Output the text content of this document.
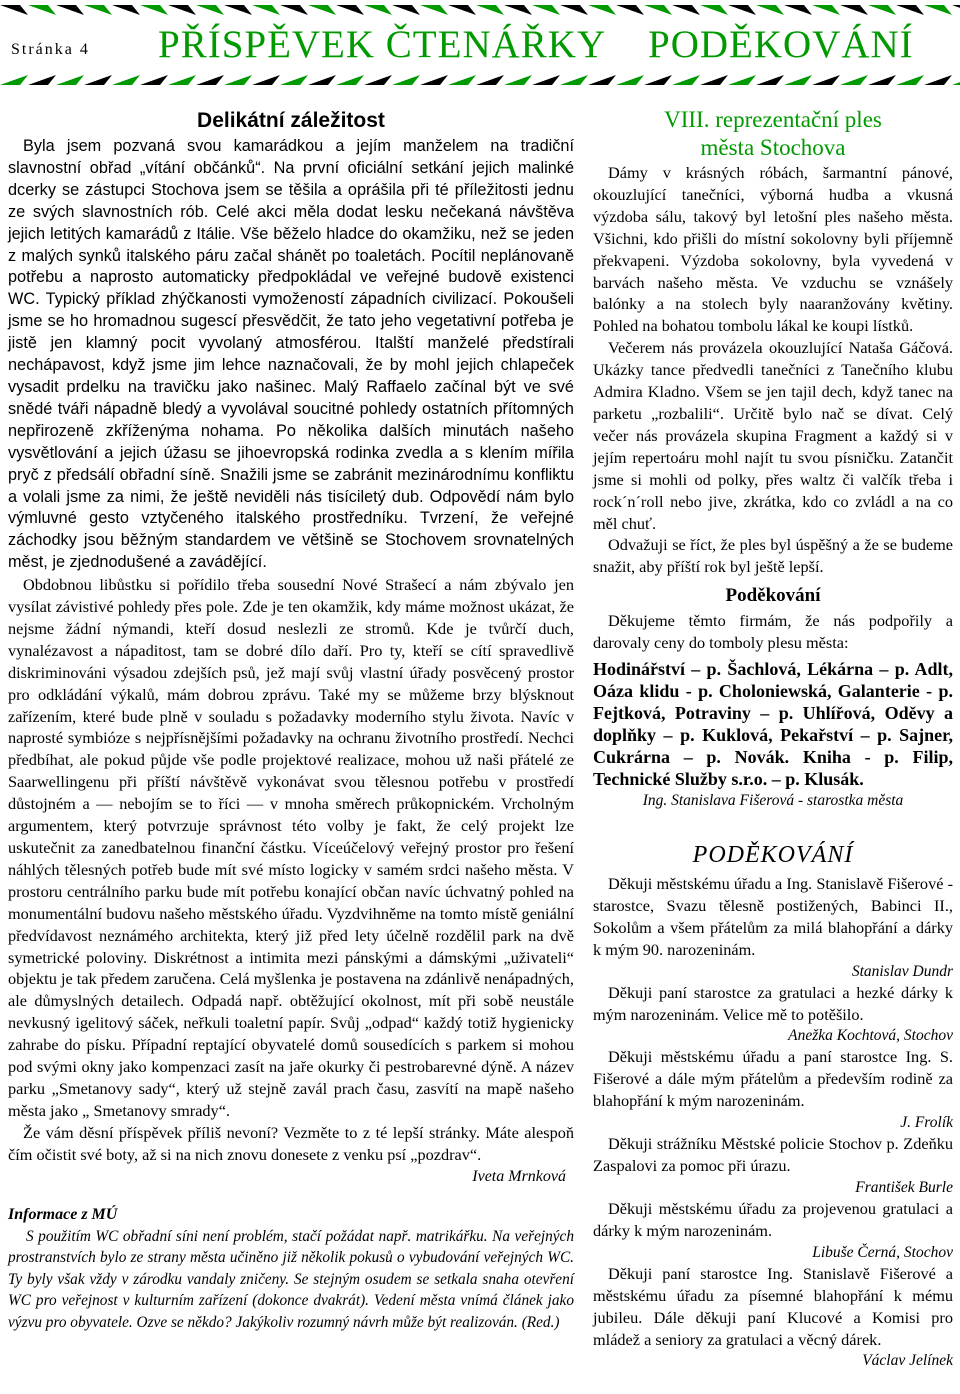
Stránka 4 PŘÍSPĚVEK ČTENÁŘKY PODĚKOVÁNÍ
Delikátní záležitost

Byla jsem pozvaná svou kamarádkou a jejím manželem na tradiční slavnostní obřad „vítání občánků“. Na první oficiální setkání jejich malinké dcerky se zástupci Stochova jsem se těšila a oprášila při té příležitosti jednu ze svých slavnostních rób. Celé akci měla dodat lesku nečekaná návštěva jejich letitých kamarádů z Itálie. Vše běželo hladce do okamžiku, než se jeden z malých synků italského páru začal shánět po toaletách. Pocítil neplánovaně potřebu a naprosto automaticky předpokládal ve veřejné budově existenci WC. Typický příklad zhýčkanosti vymožeností západních civilizací. Pokoušeli jsme se ho hromadnou sugescí přesvědčit, že tato jeho vegetativní potřeba je jistě jen klamný pocit vyvolaný atmosférou. Italští manželé předstírali nechápavost, když jsme jim lehce naznačovali, že by mohl jejich chlapeček vysadit prdelku na travičku jako našinec. Malý Raffaelo začínal být ve své snědé tváři nápadně bledý a vyvolával soucitné pohledy ostatních přítomných nepřirozeně zkříženýma nohama. Po několika dalších minutách našeho vysvětlování a jejich úžasu se jihoevropská rodinka zvedla a s klením mířila pryč z předsálí obřadní síně. Snažili jsme se zabránit mezinárodnímu konfliktu a volali jsme za nimi, že ještě neviděli nás tisíciletý dub. Odpovědí nám bylo výmluvné gesto vztyčeného italského prostředníku. Tvrzení, že veřejné záchodky jsou běžným standardem ve většině se Stochovem srovnatelných měst, je zjednodušené a zavádějící.

Obdobnou libůstku si pořídilo třeba sousední Nové Strašecí a nám zbývalo jen vysílat závistivé pohledy přes pole. Zde je ten okamžik, kdy máme možnost ukázat, že nejsme žádní nýmandi, kteří dosud neslezli ze stromů. Kde je tvůrčí duch, vynalézavost a nápaditost, tam se dobré dílo daří. Pro ty, kteří se cítí spravedlivě diskriminováni výsadou zdejších psů, jež mají svůj vlastní úřady posvěcený prostor pro odkládání výkalů, mám dobrou zprávu. Také my se můžeme brzy blýsknout zařízením, které bude plně v souladu s požadavky moderního stylu života. Navíc v naprosté symbióze s nejpřísnějšími požadavky na ochranu životního prostředí. Nechci předbíhat, ale pokud půjde vše podle projektové realizace, mohou už naši přátelé ze Saarwellingenu při příští návštěvě vykonávat svou tělesnou potřebu v prostředí důstojném a — nebojím se to říci — v mnoha směrech průkopnickém. Vrcholným argumentem, který potvrzuje správnost této volby je fakt, že celý projekt lze uskutečnit za zanedbatelnou finanční částku. Víceúčelový veřejný prostor pro řešení náhlých tělesných potřeb bude mít své místo logicky v samém srdci našeho města. V prostoru centrálního parku bude mít potřebu konající občan navíc úchvatný pohled na monumentální budovu našeho městského úřadu. Vyzdvihněme na tomto místě geniální předvídavost neznámého architekta, který již před lety účelně rozdělil park na dvě symetrické poloviny. Diskrétnost a intimita mezi pánskými a dámskými „uživateli“ objektu je tak předem zaručena. Celá myšlenka je postavena na zdánlivě nenápadných, ale důmyslných detailech. Odpadá např. obtěžující okolnost, mít při sobě neustále nevkusný igelitový sáček, neřkuli toaletní papír. Svůj „odpad“ každý totiž hygienicky zahrabe do písku. Případní reptající obyvatelé domů sousedících s parkem si mohou pod svými okny jako kompenzaci zasít na jaře okurky či pestrobarevné dýně. A název parku „Smetanovy sady“, který už stejně zavál prach času, zasvítí na mapě našeho města jako „ Smetanovy smrady“.

Že vám děsní příspěvek příliš nevoní? Vezměte to z té lepší stránky. Máte alespoň čím očistit své boty, až si na nich znovu donesete z venku psí „pozdrav“.

Iveta Mrnková

Informace z MÚ

S použitím WC obřadní síni není problém, stačí požádat např. matrikářku. Na veřejných prostranstvích bylo ze strany města učiněno již několik pokusů o vybudování veřejných WC. Ty byly však vždy v zárodku vandaly zničeny. Se stejným osudem se setkala snaha otevření WC pro veřejnost v kulturním zařízení (dokonce dvakrát). Vedení města vnímá článek jako výzvu pro obyvatele. Ozve se někdo? Jakýkoliv rozumný návrh může být realizován. (Red.)

VIII. reprezentační ples

města Stochova

Dámy v krásných róbách, šarmantní pánové, okouzlující tanečníci, výborná hudba a vkusná výzdoba sálu, takový byl letošní ples našeho města. Všichni, kdo přišli do místní sokolovny byli příjemně překvapeni. Výzdoba sokolovny, byla vyvedená v barvách našeho města. Ve vzduchu se vznášely balónky a na stolech byly naaranžovány květiny. Pohled na bohatou tombolu lákal ke koupi lístků.

Večerem nás provázela okouzlující Nataša Gáčová. Ukázky tance předvedli tanečníci z Tanečního klubu Admira Kladno. Všem se jen tajil dech, když tanec na parketu „rozbalili“. Určitě bylo nač se dívat. Celý večer nás provázela skupina Fragment a každý si v jejím repertoáru mohl najít tu svou písničku. Zatančit jsme si mohli od polky, přes waltz či valčík třeba i rock´n´roll nebo jive, zkrátka, kdo co zvládl a na co měl chuť.

Odvažuji se říct, že ples byl úspěšný a že se budeme snažit, aby příští rok byl ještě lepší.

Poděkování

Děkujeme těmto firmám, že nás podpořily a darovaly ceny do tomboly plesu města:

Hodinářství – p. Šachlová, Lékárna – p. Adlt, Oáza klidu - p. Choloniewská, Galanterie - p. Fejtková, Potraviny – p. Uhlířová, Oděvy a doplňky – p. Kuklová, Pekařství – p. Sajner, Cukrárna – p. Novák. Kniha - p. Filip, Technické Služby s.r.o. – p. Klusák.

Ing. Stanislava Fišerová - starostka města

PODĚKOVÁNÍ

Děkuji městskému úřadu a Ing. Stanislavě Fišerové - starostce, Svazu tělesně postižených, Babinci II., Sokolům a všem přátelům za milá blahopřání a dárky k mým 90. narozeninám.

Stanislav Dundr

Děkuji paní starostce za gratulaci a hezké dárky k mým narozeninám. Velice mě to potěšilo.

Anežka Kochtová, Stochov

Děkuji městskému úřadu a paní starostce Ing. S. Fišerové a dále mým přátelům a především rodině za blahopřání k mým narozeninám.

J. Frolík

Děkuji strážníku Městské policie Stochov p. Zdeňku Zaspalovi za pomoc při úrazu.

František Burle

Děkuji městskému úřadu za projevenou gratulaci a dárky k mým narozeninám.

Libuše Černá, Stochov

Děkuji paní starostce Ing. Stanislavě Fišerové a městskému úřadu za písemné blahopřání k mému jubileu. Dále děkuji paní Klucové a Komisi pro mládež a seniory za gratulaci a věcný dárek.

Václav Jelínek
